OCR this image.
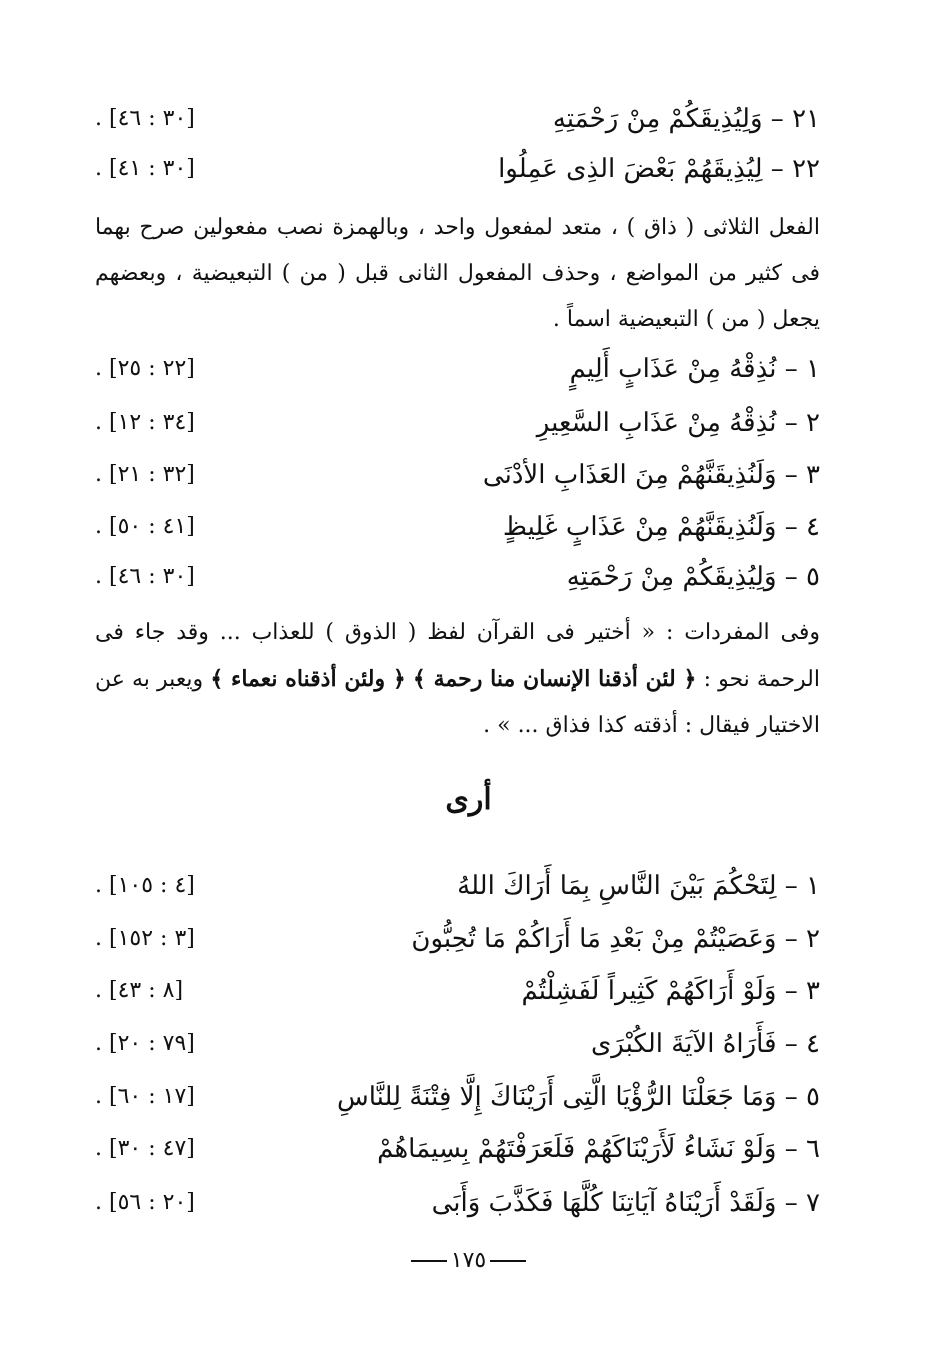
٢١ – وَلِيُذِيقَكُمْ مِنْ رَحْمَتِهِ
. [٣٠ : ٤٦]
٢٢ – لِيُذِيقَهُمْ بَعْضَ الذِى عَمِلُوا
. [٣٠ : ٤١]
الفعل الثلاثى ( ذاق ) ، متعد لمفعول واحد ، وبالهمزة نصب مفعولين صرح بهما فى كثير من المواضع ، وحذف المفعول الثانى قبل ( من ) التبعيضية ، وبعضهم يجعل ( من ) التبعيضية اسماً .
١ – نُذِقْهُ مِنْ عَذَابٍ أَلِيمٍ
. [٢٢ : ٢٥]
٢ – نُذِقْهُ مِنْ عَذَابِ السَّعِيرِ
. [٣٤ : ١٢]
٣ – وَلَنُذِيقَنَّهُمْ مِنَ العَذَابِ الأدْنَى
. [٣٢ : ٢١]
٤ – وَلَنُذِيقَنَّهُمْ مِنْ عَذَابٍ غَلِيظٍ
. [٤١ : ٥٠]
٥ – وَلِيُذِيقَكُمْ مِنْ رَحْمَتِهِ
. [٣٠ : ٤٦]
وفى المفردات : « أختير فى القرآن لفظ ( الذوق ) للعذاب ... وقد جاء فى الرحمة نحو : ﴿ لئن أذقنا الإنسان منا رحمة ﴾ ﴿ ولئن أذقناه نعماء ﴾ ويعبر به عن الاختيار فيقال : أذقته كذا فذاق ... » .
أرى
١ – لِتَحْكُمَ بَيْنَ النَّاسِ بِمَا أَرَاكَ اللهُ
. [٤ : ١٠٥]
٢ – وَعَصَيْتُمْ مِنْ بَعْدِ مَا أَرَاكُمْ مَا تُحِبُّونَ
. [٣ : ١٥٢]
٣ – وَلَوْ أَرَاكَهُمْ كَثِيراً لَفَشِلْتُمْ
. [٨ : ٤٣]
٤ – فَأَرَاهُ الآيَةَ الكُبْرَى
. [٧٩ : ٢٠]
٥ – وَمَا جَعَلْنَا الرُّؤْيَا الَّتِى أَرَيْنَاكَ إِلَّا فِتْنَةً لِلنَّاسِ
. [١٧ : ٦٠]
٦ – وَلَوْ نَشَاءُ لَأَرَيْنَاكَهُمْ فَلَعَرَفْتَهُمْ بِسِيمَاهُمْ
. [٤٧ : ٣٠]
٧ – وَلَقَدْ أَرَيْنَاهُ آيَاتِنَا كُلَّهَا فَكَذَّبَ وَأَبَى
. [٢٠ : ٥٦]
١٧٥
